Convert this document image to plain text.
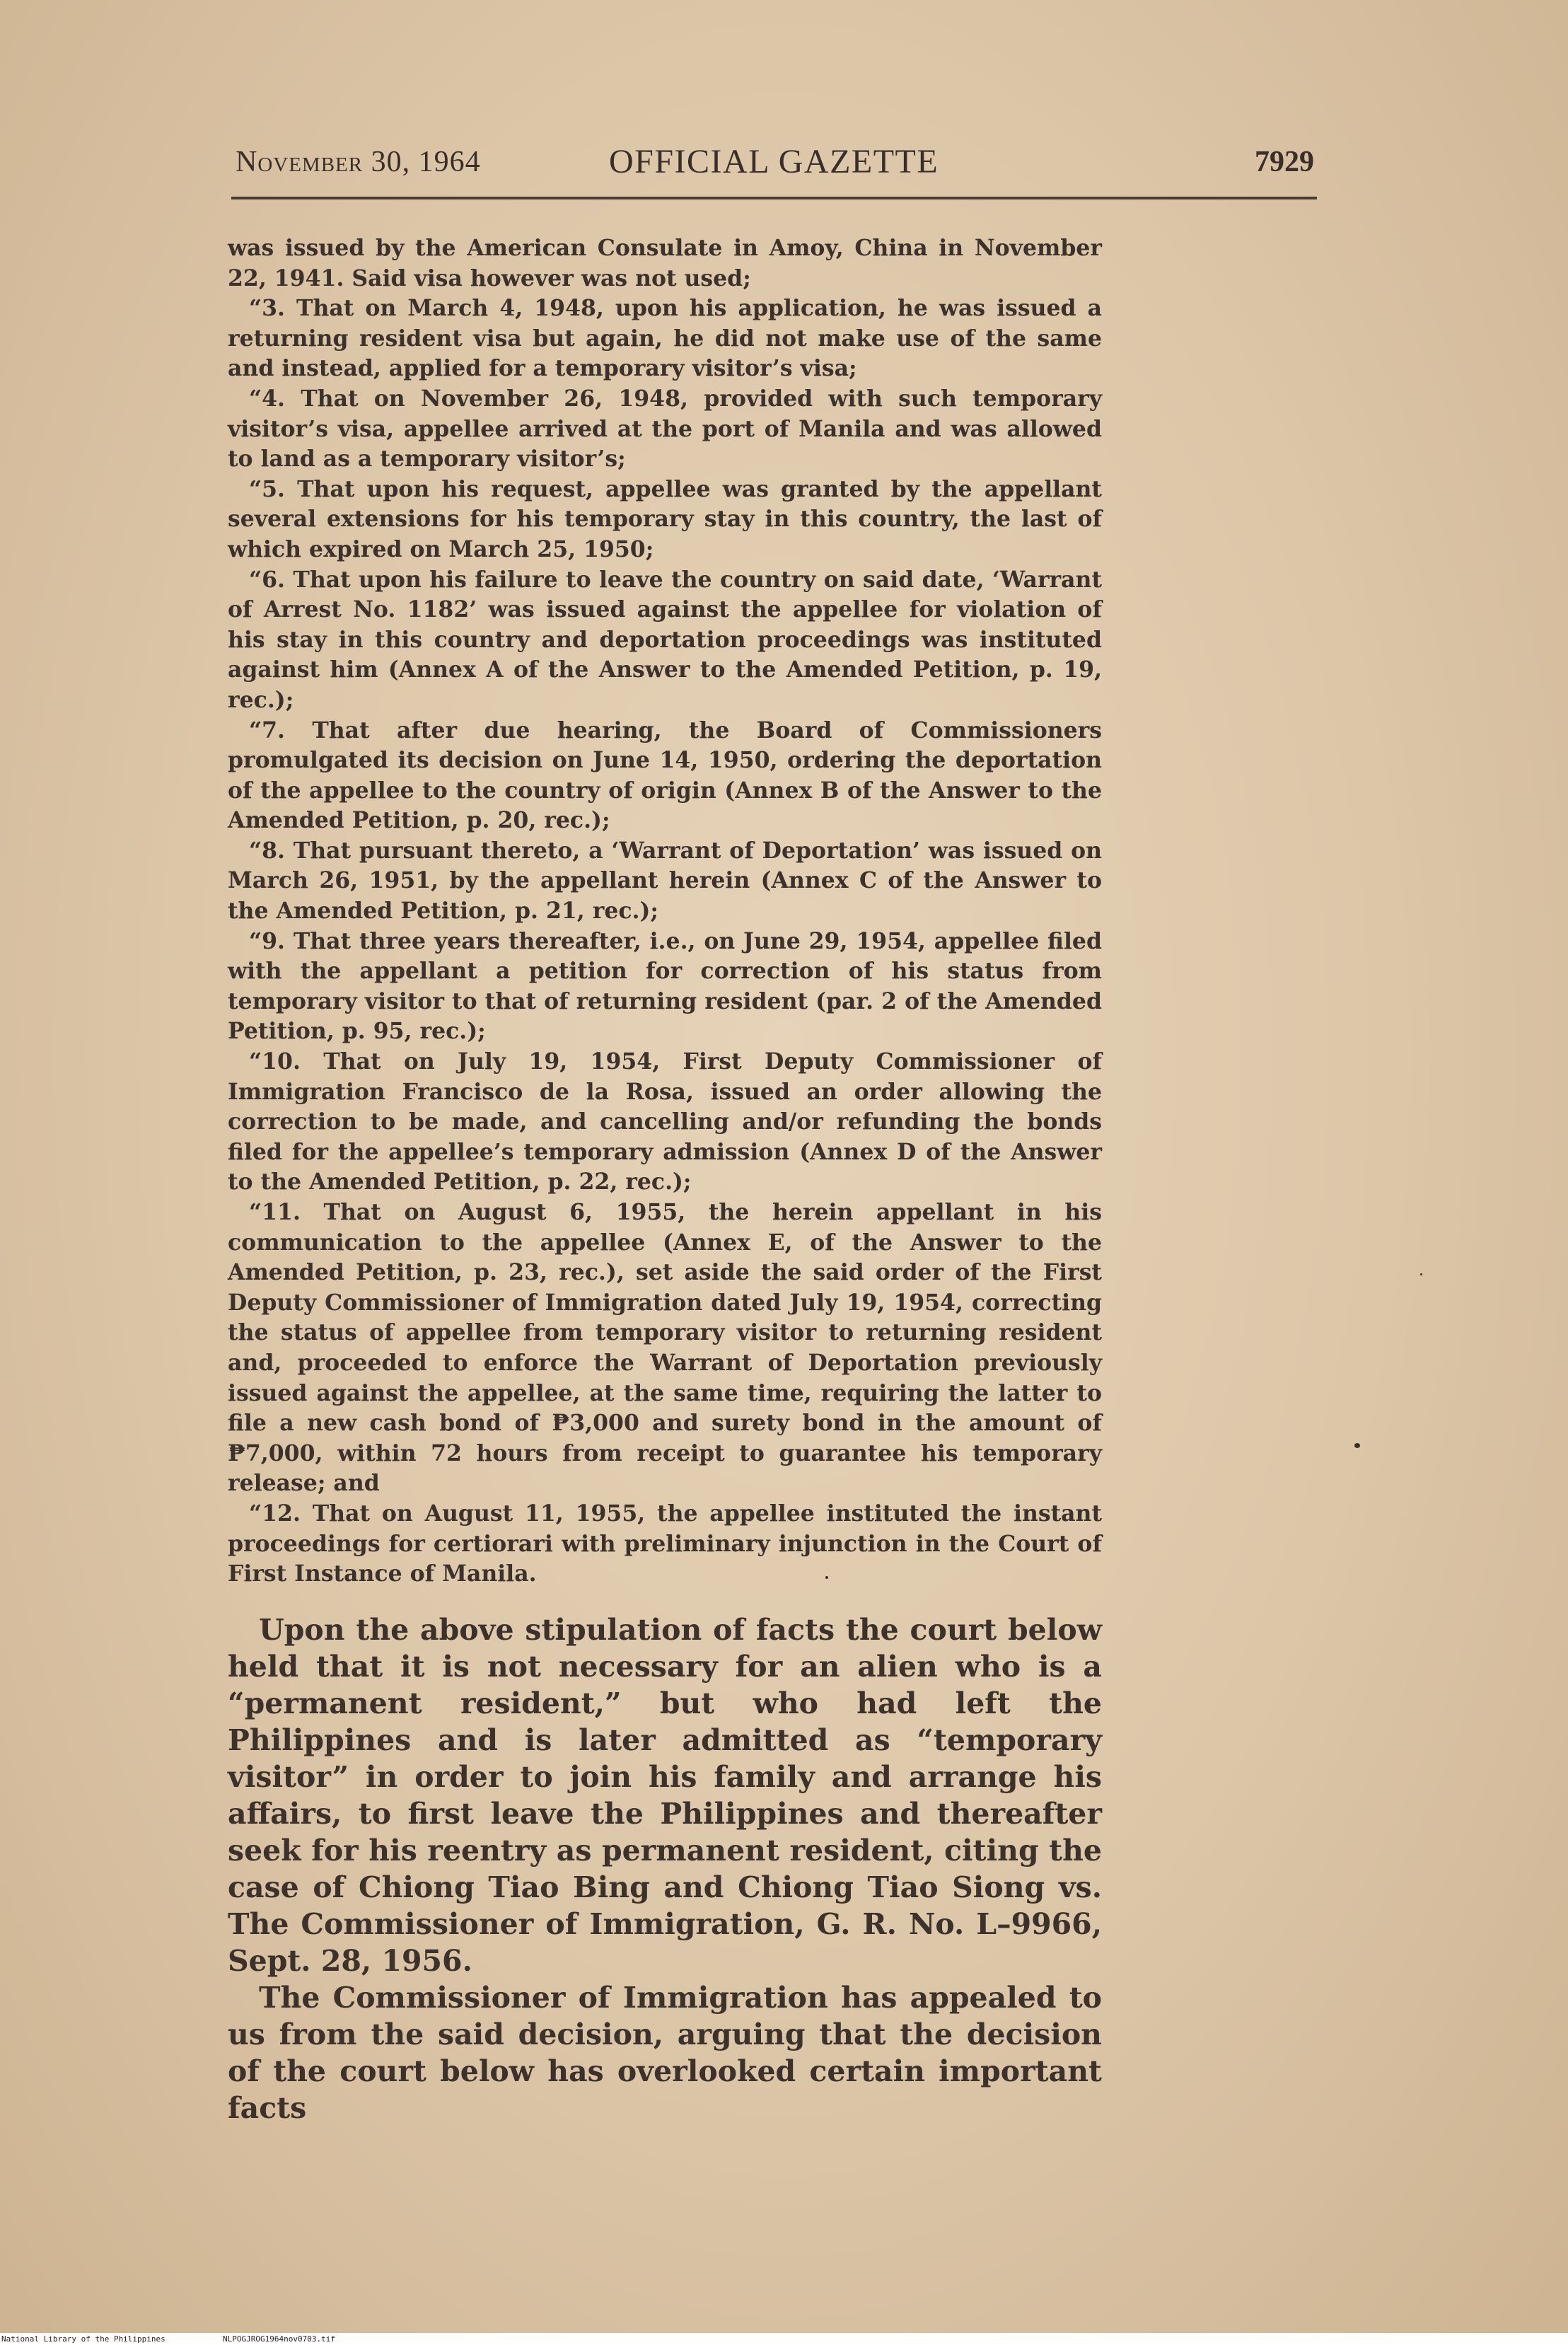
November 30, 1964	OFFICIAL GAZETTE	7929

was issued by the American Consulate in Amoy, China in November 22, 1941. Said visa however was not used;

“3. That on March 4, 1948, upon his application, he was issued a returning resident visa but again, he did not make use of the same and instead, applied for a temporary visitor’s visa;

“4. That on November 26, 1948, provided with such temporary visitor’s visa, appellee arrived at the port of Manila and was allowed to land as a temporary visitor’s;

“5. That upon his request, appellee was granted by the appellant several extensions for his temporary stay in this country, the last of which expired on March 25, 1950;

“6. That upon his failure to leave the country on said date, ‘Warrant of Arrest No. 1182’ was issued against the appellee for violation of his stay in this country and deportation proceedings was instituted against him (Annex A of the Answer to the Amended Petition, p. 19, rec.);

“7. That after due hearing, the Board of Commissioners promulgated its decision on June 14, 1950, ordering the deportation of the appellee to the country of origin (Annex B of the Answer to the Amended Petition, p. 20, rec.);

“8. That pursuant thereto, a ‘Warrant of Deportation’ was issued on March 26, 1951, by the appellant herein (Annex C of the Answer to the Amended Petition, p. 21, rec.);

“9. That three years thereafter, i.e., on June 29, 1954, appellee filed with the appellant a petition for correction of his status from temporary visitor to that of returning resident (par. 2 of the Amended Petition, p. 95, rec.);

“10. That on July 19, 1954, First Deputy Commissioner of Immigration Francisco de la Rosa, issued an order allowing the correction to be made, and cancelling and/or refunding the bonds filed for the appellee’s temporary admission (Annex D of the Answer to the Amended Petition, p. 22, rec.);

“11. That on August 6, 1955, the herein appellant in his communication to the appellee (Annex E, of the Answer to the Amended Petition, p. 23, rec.), set aside the said order of the First Deputy Commissioner of Immigration dated July 19, 1954, correcting the status of appellee from temporary visitor to returning resident and, proceeded to enforce the Warrant of Deportation previously issued against the appellee, at the same time, requiring the latter to file a new cash bond of ₱3,000 and surety bond in the amount of ₱7,000, within 72 hours from receipt to guarantee his temporary release; and

“12. That on August 11, 1955, the appellee instituted the instant proceedings for certiorari with preliminary injunction in the Court of First Instance of Manila.

Upon the above stipulation of facts the court below held that it is not necessary for an alien who is a “permanent resident,” but who had left the Philippines and is later admitted as “temporary visitor” in order to join his family and arrange his affairs, to first leave the Philippines and thereafter seek for his reentry as permanent resident, citing the case of Chiong Tiao Bing and Chiong Tiao Siong vs. The Commissioner of Immigration, G. R. No. L–9966, Sept. 28, 1956.

The Commissioner of Immigration has appealed to us from the said decision, arguing that the decision of the court below has overlooked certain important facts

National Library of the Philippines	NLPOGJROG1964nov0703.tif
